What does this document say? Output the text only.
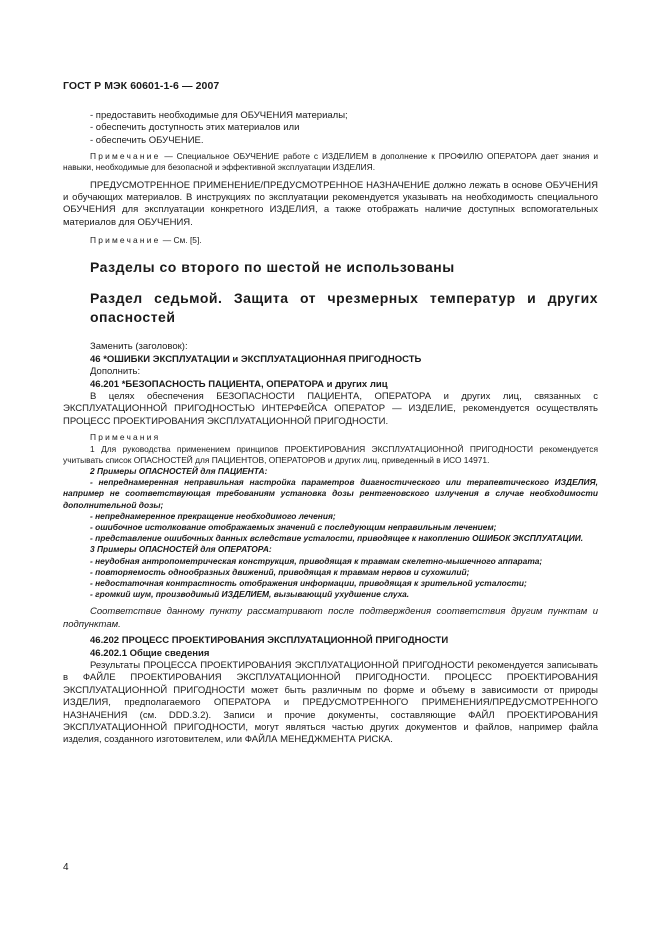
ГОСТ Р МЭК 60601-1-6 — 2007

- предоставить необходимые для ОБУЧЕНИЯ материалы;

- обеспечить доступность этих материалов или

- обеспечить ОБУЧЕНИЕ.

Примечание — Специальное ОБУЧЕНИЕ работе с ИЗДЕЛИЕМ в дополнение к ПРОФИЛЮ ОПЕРАТОРА дает знания и навыки, необходимые для безопасной и эффективной эксплуатации ИЗДЕЛИЯ.

ПРЕДУСМОТРЕННОЕ ПРИМЕНЕНИЕ/ПРЕДУСМОТРЕННОЕ НАЗНАЧЕНИЕ должно лежать в основе ОБУЧЕНИЯ и обучающих материалов. В инструкциях по эксплуатации рекомендуется указывать на необходимость специального ОБУЧЕНИЯ для эксплуатации конкретного ИЗДЕЛИЯ, а также отображать наличие доступных вспомогательных материалов для ОБУЧЕНИЯ.

Примечание — См. [5].

Разделы со второго по шестой не использованы

Раздел седьмой. Защита от чрезмерных температур и других опасностей

Заменить (заголовок):

46 *ОШИБКИ ЭКСПЛУАТАЦИИ и ЭКСПЛУАТАЦИОННАЯ ПРИГОДНОСТЬ

Дополнить:

46.201 *БЕЗОПАСНОСТЬ ПАЦИЕНТА, ОПЕРАТОРА и других лиц

В целях обеспечения БЕЗОПАСНОСТИ ПАЦИЕНТА, ОПЕРАТОРА и других лиц, связанных с ЭКСПЛУАТАЦИОННОЙ ПРИГОДНОСТЬЮ ИНТЕРФЕЙСА ОПЕРАТОР — ИЗДЕЛИЕ, рекомендуется осуществлять ПРОЦЕСС ПРОЕКТИРОВАНИЯ ЭКСПЛУАТАЦИОННОЙ ПРИГОДНОСТИ.

Примечания

1 Для руководства применением принципов ПРОЕКТИРОВАНИЯ ЭКСПЛУАТАЦИОННОЙ ПРИГОДНОСТИ рекомендуется учитывать список ОПАСНОСТЕЙ для ПАЦИЕНТОВ, ОПЕРАТОРОВ и других лиц, приведенный в ИСО 14971.

2 Примеры ОПАСНОСТЕЙ для ПАЦИЕНТА:

- непреднамеренная неправильная настройка параметров диагностического или терапевтического ИЗДЕЛИЯ, например не соответствующая требованиям установка дозы рентгеновского излучения в случае необходимости дополнительной дозы;

- непреднамеренное прекращение необходимого лечения;

- ошибочное истолкование отображаемых значений с последующим неправильным лечением;

- представление ошибочных данных вследствие усталости, приводящее к накоплению ОШИБОК ЭКСПЛУАТАЦИИ.

3 Примеры ОПАСНОСТЕЙ для ОПЕРАТОРА:

- неудобная антропометрическая конструкция, приводящая к травмам скелетно-мышечного аппарата;

- повторяемость однообразных движений, приводящая к травмам нервов и сухожилий;

- недостаточная контрастность отображения информации, приводящая к зрительной усталости;

- громкий шум, производимый ИЗДЕЛИЕМ, вызывающий ухудшение слуха.

Соответствие данному пункту рассматривают после подтверждения соответствия другим пунктам и подпунктам.

46.202 ПРОЦЕСС ПРОЕКТИРОВАНИЯ ЭКСПЛУАТАЦИОННОЙ ПРИГОДНОСТИ

46.202.1 Общие сведения

Результаты ПРОЦЕССА ПРОЕКТИРОВАНИЯ ЭКСПЛУАТАЦИОННОЙ ПРИГОДНОСТИ рекомендуется записывать в ФАЙЛЕ ПРОЕКТИРОВАНИЯ ЭКСПЛУАТАЦИОННОЙ ПРИГОДНОСТИ. ПРОЦЕСС ПРОЕКТИРОВАНИЯ ЭКСПЛУАТАЦИОННОЙ ПРИГОДНОСТИ может быть различным по форме и объему в зависимости от природы ИЗДЕЛИЯ, предполагаемого ОПЕРАТОРА и ПРЕДУСМОТРЕННОГО ПРИМЕНЕНИЯ/ПРЕДУСМОТРЕННОГО НАЗНАЧЕНИЯ (см. DDD.3.2). Записи и прочие документы, составляющие ФАЙЛ ПРОЕКТИРОВАНИЯ ЭКСПЛУАТАЦИОННОЙ ПРИГОДНОСТИ, могут являться частью других документов и файлов, например файла изделия, созданного изготовителем, или ФАЙЛА МЕНЕДЖМЕНТА РИСКА.

4
